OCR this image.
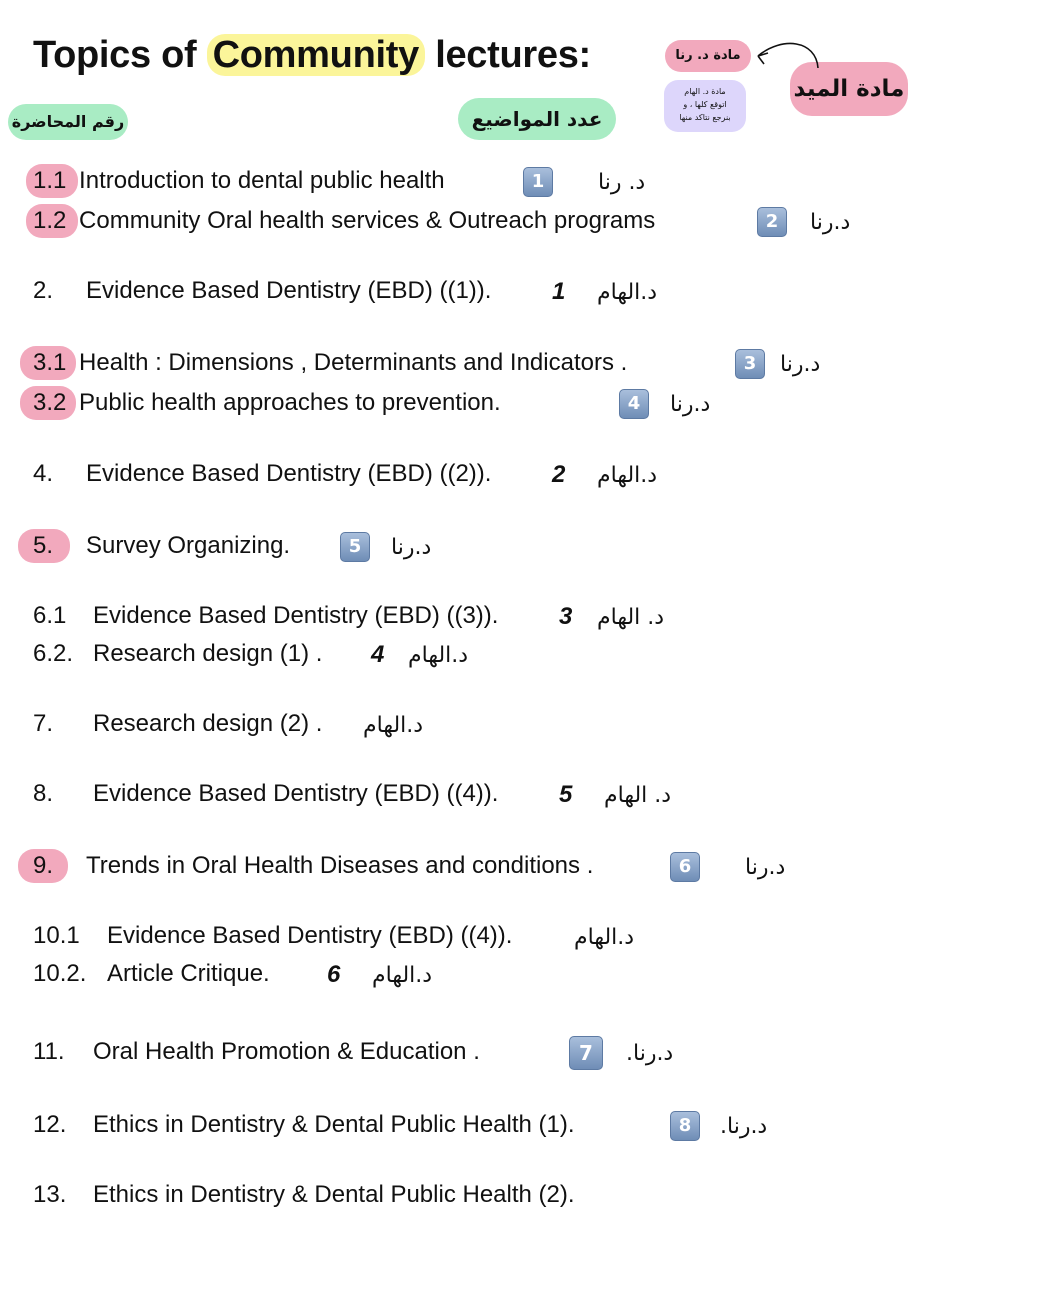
Topics of Community lectures:
رقم المحاضرة	عدد المواضيع
مادة د. رنا
مادة الميد
مادة د. الهام
اتوقع كلها ، و
بنرجع نتاكد منها
1.1 Introduction to dental public health	1	د. رنا
1.2 Community Oral health services & Outreach programs	2	د.رنا
2. Evidence Based Dentistry (EBD) ((1)).	1 د.الهام
3.1 Health : Dimensions , Determinants and Indicators .	3	د.رنا
3.2 Public health approaches to prevention.	4	د.رنا
4. Evidence Based Dentistry (EBD) ((2)).	2 د.الهام
5. Survey Organizing.	5	د.رنا
6.1 Evidence Based Dentistry (EBD) ((3)).	3 د. الهام
6.2. Research design (1) . 4 د.الهام
7. Research design (2) . د.الهام
8. Evidence Based Dentistry (EBD) ((4)).	5 د. الهام
9. Trends in Oral Health Diseases and conditions .	6	د.رنا
10.1 Evidence Based Dentistry (EBD) ((4)).	د.الهام
10.2. Article Critique. 6 د.الهام
11. Oral Health Promotion & Education .	7	د.رنا.
12. Ethics in Dentistry & Dental Public Health (1).	8	د.رنا.
13. Ethics in Dentistry & Dental Public Health (2).
